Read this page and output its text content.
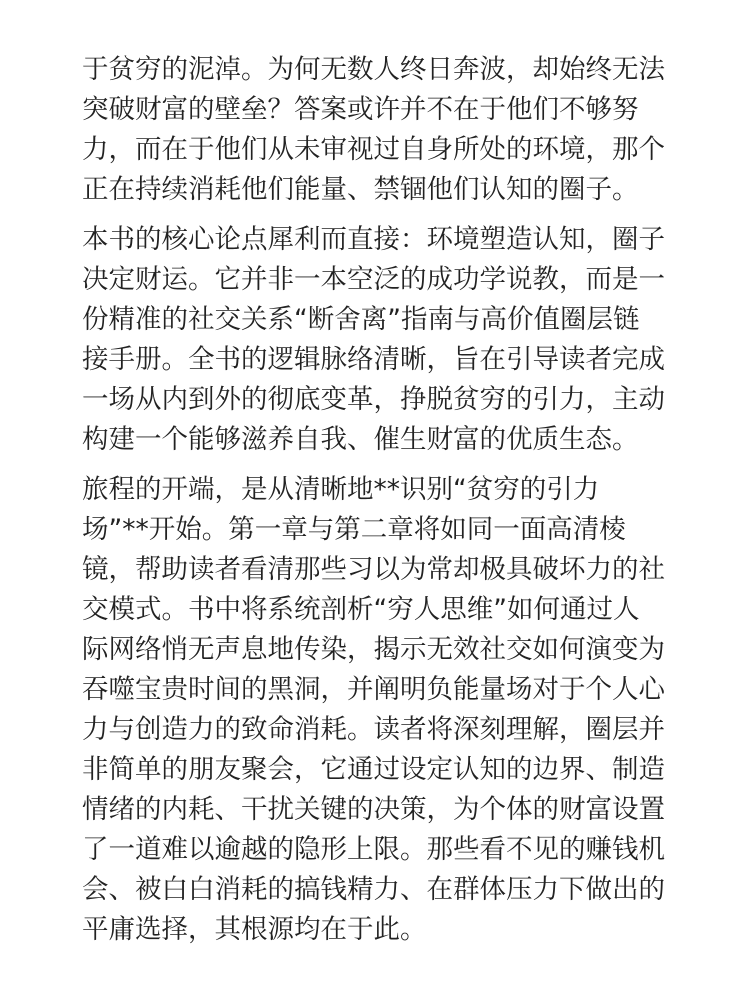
于贫穷的泥淖。为何无数人终日奔波，却始终无法

突破财富的壁垒？答案或许并不在于他们不够努

力，而在于他们从未审视过自身所处的环境，那个

正在持续消耗他们能量、禁锢他们认知的圈子。

本书的核心论点犀利而直接：环境塑造认知，圈子

决定财运。它并非一本空泛的成功学说教，而是一

份精准的社交关系“断舍离”指南与高价值圈层链

接手册。全书的逻辑脉络清晰，旨在引导读者完成

一场从内到外的彻底变革，挣脱贫穷的引力，主动

构建一个能够滋养自我、催生财富的优质生态。

旅程的开端，是从清晰地**识别“贫穷的引力

场”**开始。第一章与第二章将如同一面高清棱

镜，帮助读者看清那些习以为常却极具破坏力的社

交模式。书中将系统剖析“穷人思维”如何通过人

际网络悄无声息地传染，揭示无效社交如何演变为

吞噬宝贵时间的黑洞，并阐明负能量场对于个人心

力与创造力的致命消耗。读者将深刻理解，圈层并

非简单的朋友聚会，它通过设定认知的边界、制造

情绪的内耗、干扰关键的决策，为个体的财富设置

了一道难以逾越的隐形上限。那些看不见的赚钱机

会、被白白消耗的搞钱精力、在群体压力下做出的

平庸选择，其根源均在于此。
